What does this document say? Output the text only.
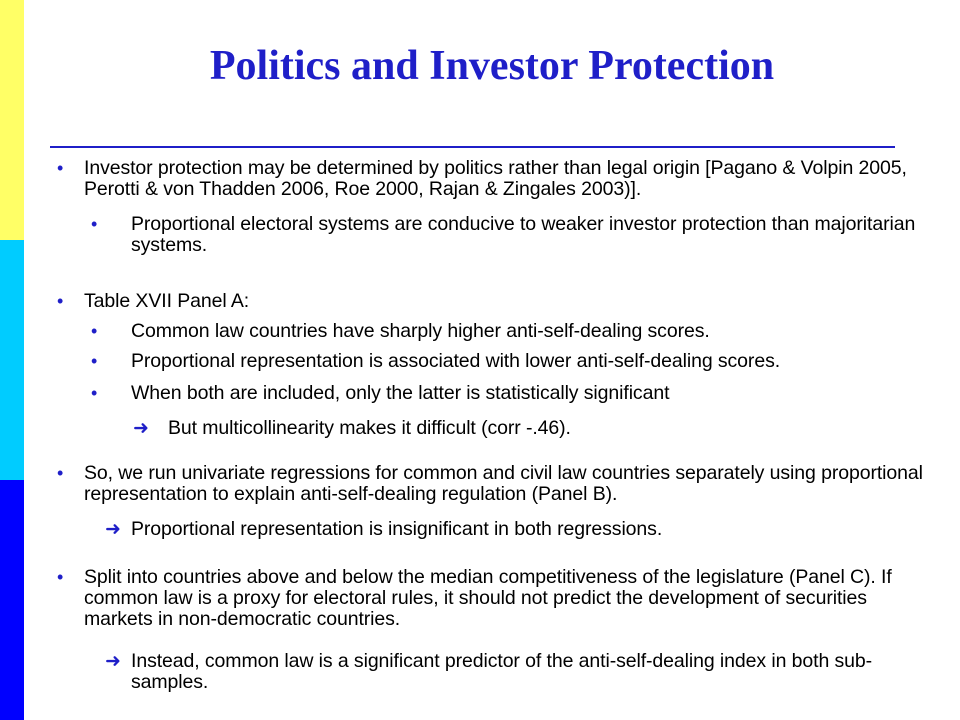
Politics and Investor Protection
• Investor protection may be determined by politics rather than legal origin [Pagano & Volpin 2005, Perotti & von Thadden 2006, Roe 2000, Rajan & Zingales 2003)].
• Proportional electoral systems are conducive to weaker investor protection than majoritarian systems.
• Table XVII Panel A:
• Common law countries have sharply higher anti-self-dealing scores.
• Proportional representation is associated with lower anti-self-dealing scores.
• When both are included, only the latter is statistically significant
➜ But multicollinearity makes it difficult (corr -.46).
• So, we run univariate regressions for common and civil law countries separately using proportional representation to explain anti-self-dealing regulation (Panel B).
➜ Proportional representation is insignificant in both regressions.
• Split into countries above and below the median competitiveness of the legislature (Panel C). If common law is a proxy for electoral rules, it should not predict the development of securities markets in non-democratic countries.
➜ Instead, common law is a significant predictor of the anti-self-dealing index in both sub-samples.
